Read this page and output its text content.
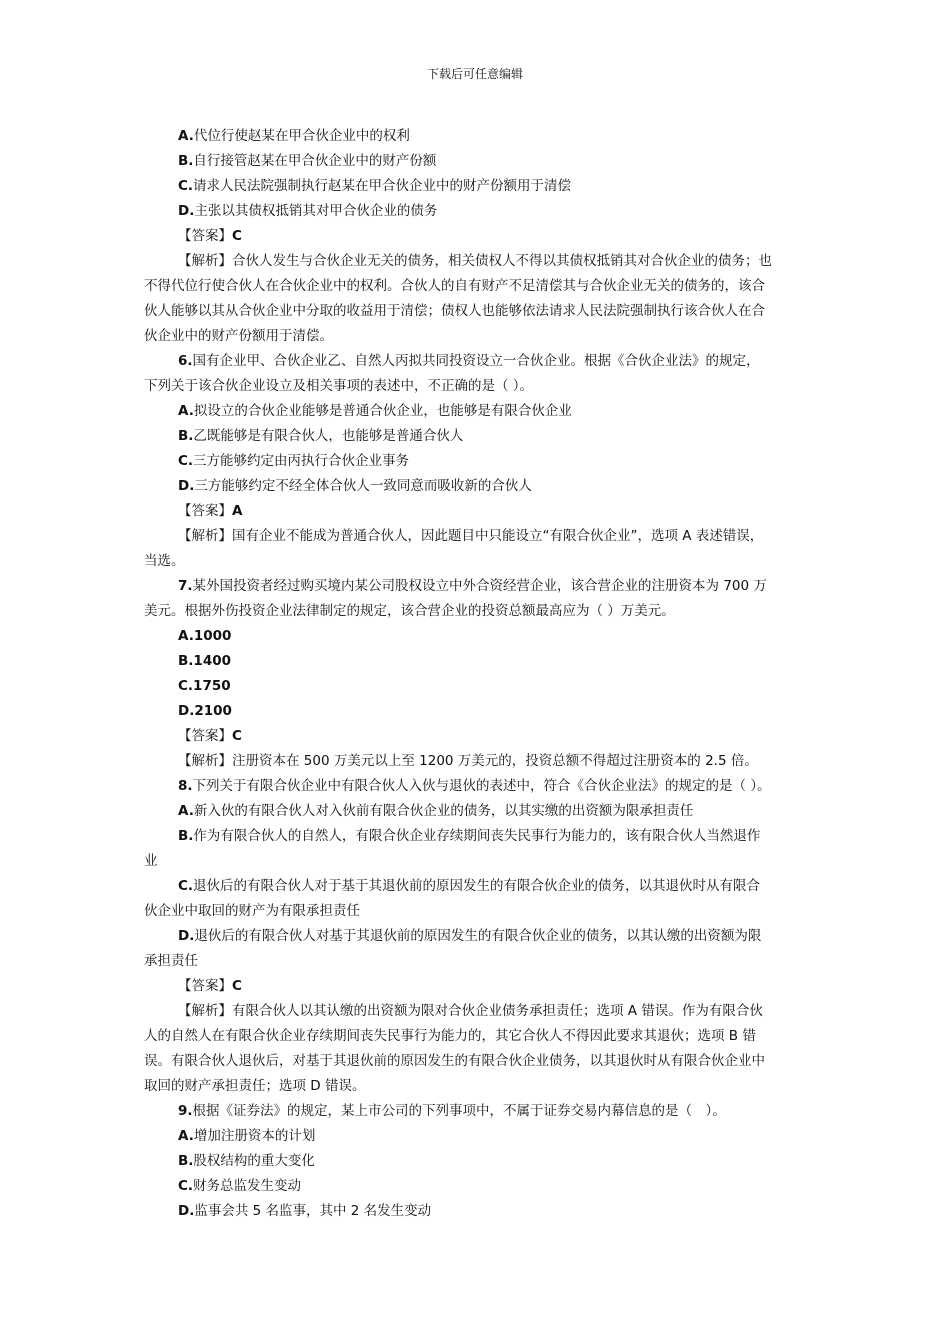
下载后可任意编辑
A.代位行使赵某在甲合伙企业中的权利
B.自行接管赵某在甲合伙企业中的财产份额
C.请求人民法院强制执行赵某在甲合伙企业中的财产份额用于清偿
D.主张以其债权抵销其对甲合伙企业的债务
【答案】C
【解析】合伙人发生与合伙企业无关的债务，相关债权人不得以其债权抵销其对合伙企业的债务；也
不得代位行使合伙人在合伙企业中的权利。合伙人的自有财产不足清偿其与合伙企业无关的债务的，该合
伙人能够以其从合伙企业中分取的收益用于清偿；债权人也能够依法请求人民法院强制执行该合伙人在合
伙企业中的财产份额用于清偿。
6.国有企业甲、合伙企业乙、自然人丙拟共同投资设立一合伙企业。根据《合伙企业法》的规定，
下列关于该合伙企业设立及相关事项的表述中，不正确的是（ ）。
A.拟设立的合伙企业能够是普通合伙企业，也能够是有限合伙企业
B.乙既能够是有限合伙人，也能够是普通合伙人
C.三方能够约定由丙执行合伙企业事务
D.三方能够约定不经全体合伙人一致同意而吸收新的合伙人
【答案】A
【解析】国有企业不能成为普通合伙人，因此题目中只能设立“有限合伙企业”，选项 A 表述错误，
当选。
7.某外国投资者经过购买境内某公司股权设立中外合资经营企业，该合营企业的注册资本为 700 万
美元。根据外伤投资企业法律制定的规定，该合营企业的投资总额最高应为（ ）万美元。
A.1000
B.1400
C.1750
D.2100
【答案】C
【解析】注册资本在 500 万美元以上至 1200 万美元的，投资总额不得超过注册资本的 2.5 倍。
8.下列关于有限合伙企业中有限合伙人入伙与退伙的表述中，符合《合伙企业法》的规定的是（ ）。
A.新入伙的有限合伙人对入伙前有限合伙企业的债务，以其实缴的出资额为限承担责任
B.作为有限合伙人的自然人，有限合伙企业存续期间丧失民事行为能力的，该有限合伙人当然退作
业
C.退伙后的有限合伙人对于基于其退伙前的原因发生的有限合伙企业的债务，以其退伙时从有限合
伙企业中取回的财产为有限承担责任
D.退伙后的有限合伙人对基于其退伙前的原因发生的有限合伙企业的债务，以其认缴的出资额为限
承担责任
【答案】C
【解析】有限合伙人以其认缴的出资额为限对合伙企业债务承担责任；选项 A 错误。作为有限合伙
人的自然人在有限合伙企业存续期间丧失民事行为能力的，其它合伙人不得因此要求其退伙；选项 B 错
误。有限合伙人退伙后，对基于其退伙前的原因发生的有限合伙企业债务，以其退伙时从有限合伙企业中
取回的财产承担责任；选项 D 错误。
9.根据《证券法》的规定，某上市公司的下列事项中，不属于证券交易内幕信息的是（　）。
A.增加注册资本的计划
B.股权结构的重大变化
C.财务总监发生变动
D.监事会共 5 名监事，其中 2 名发生变动
